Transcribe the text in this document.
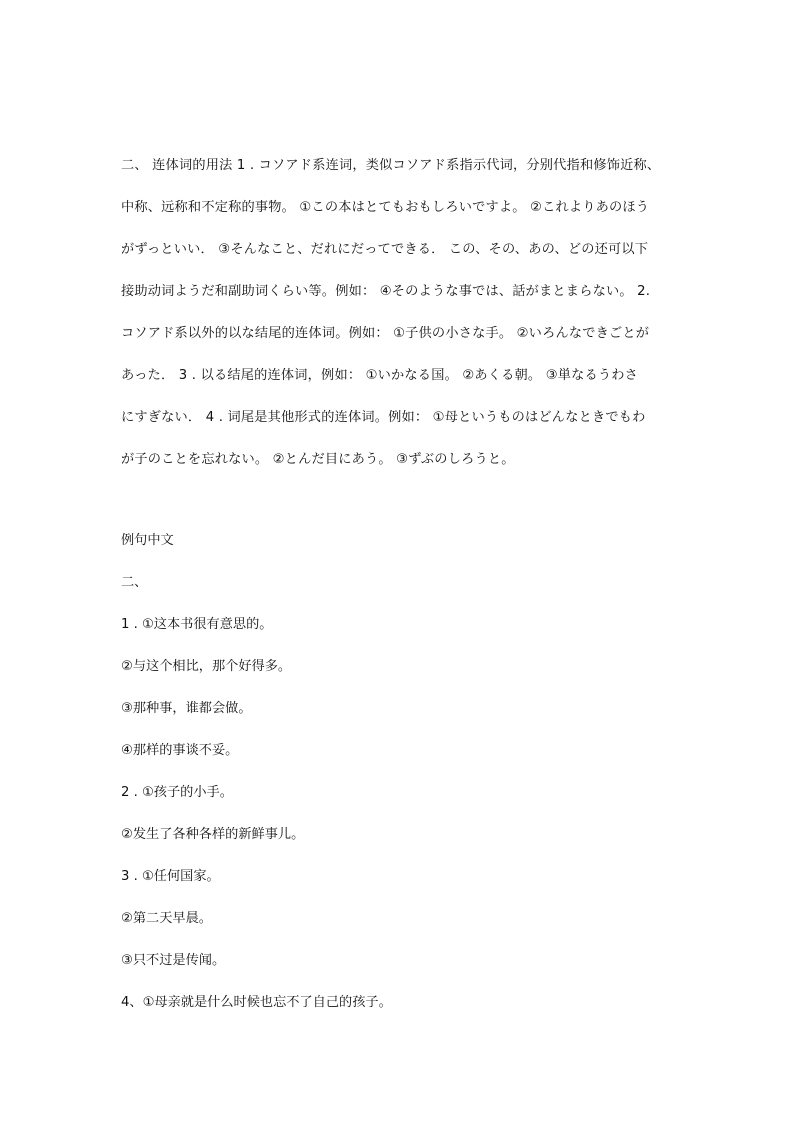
二、 连体词的用法 1 . コソアド系连词，类似コソアド系指示代词，分别代指和修饰近称、
中称、远称和不定称的事物。 ①この本はとてもおもしろいですよ。 ②これよりあのほう
がずっといい． ③そんなこと、だれにだってできる． この、その、あの、どの还可以下
接助动词ようだ和副助词くらい等。例如： ④そのような事では、話がまとまらない。 2.
コソアド系以外的以な结尾的连体词。例如： ①子供の小さな手。 ②いろんなできごとが
あった． 3 . 以る结尾的连体词，例如： ①いかなる国。 ②あくる朝。 ③単なるうわさ
にすぎない． 4 . 词尾是其他形式的连体词。例如： ①母というものはどんなときでもわ
が子のことを忘れない。 ②とんだ目にあう。 ③ずぶのしろうと。
例句中文
二、
1 . ①这本书很有意思的。
②与这个相比，那个好得多。
③那种事，谁都会做。
④那样的事谈不妥。
2 . ①孩子的小手。
②发生了各种各样的新鲜事儿。
3 . ①任何国家。
②第二天早晨。
③只不过是传闻。
4、①母亲就是什么时候也忘不了自己的孩子。
